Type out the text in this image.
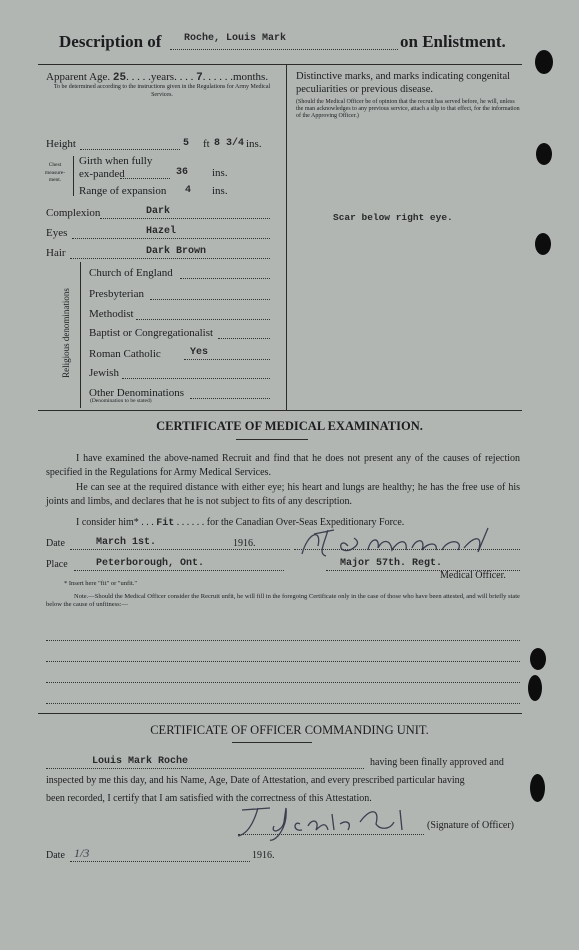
Description of Roche, Louis Mark	on Enlistment.
Apparent Age. 25. . . . .years. . . . 7. . . . . .months.
To be determined according to the instructions given in the Regulations for Army Medical Services.
Distinctive marks, and marks indicating congenital peculiarities or previous disease.
(Should the Medical Officer be of opinion that the recruit has served before, he will, unless the man acknowledges to any previous service, attach a slip to that effect, for the information of the Approving Officer.)
Scar below right eye.
Height	5 ft 8 3/4 ins.
Chest measure-ment.
Girth when fully ex-panded	36 ins.
Range of expansion 4 ins.
Complexion	Dark
Eyes	Hazel
Hair	Dark Brown
Religious denominations
Church of England
Presbyterian
Methodist
Baptist or Congregationalist
Roman Catholic	Yes
Jewish
Other Denominations
(Denomination to be stated)
CERTIFICATE OF MEDICAL EXAMINATION.
I have examined the above-named Recruit and find that he does not present any of the causes of rejection specified in the Regulations for Army Medical Services.
He can see at the required distance with either eye; his heart and lungs are healthy; he has the free use of his joints and limbs, and declares that he is not subject to fits of any description.
I consider him* . . . Fit . . . . . . for the Canadian Over-Seas Expeditionary Force.
Date	March 1st.	1916.
Place	Peterborough, Ont.	Major 57th. Regt.
Medical Officer.
* Insert here "fit" or "unfit."
Note.—Should the Medical Officer consider the Recruit unfit, he will fill in the foregoing Certificate only in the case of those who have been attested, and will briefly state below the cause of unfitness:—
CERTIFICATE OF OFFICER COMMANDING UNIT.
Louis Mark Roche	having been finally approved and
inspected by me this day, and his Name, Age, Date of Attestation, and every prescribed particular having
been recorded, I certify that I am satisfied with the correctness of this Attestation.
(Signature of Officer)
Date 1/3	1916.
